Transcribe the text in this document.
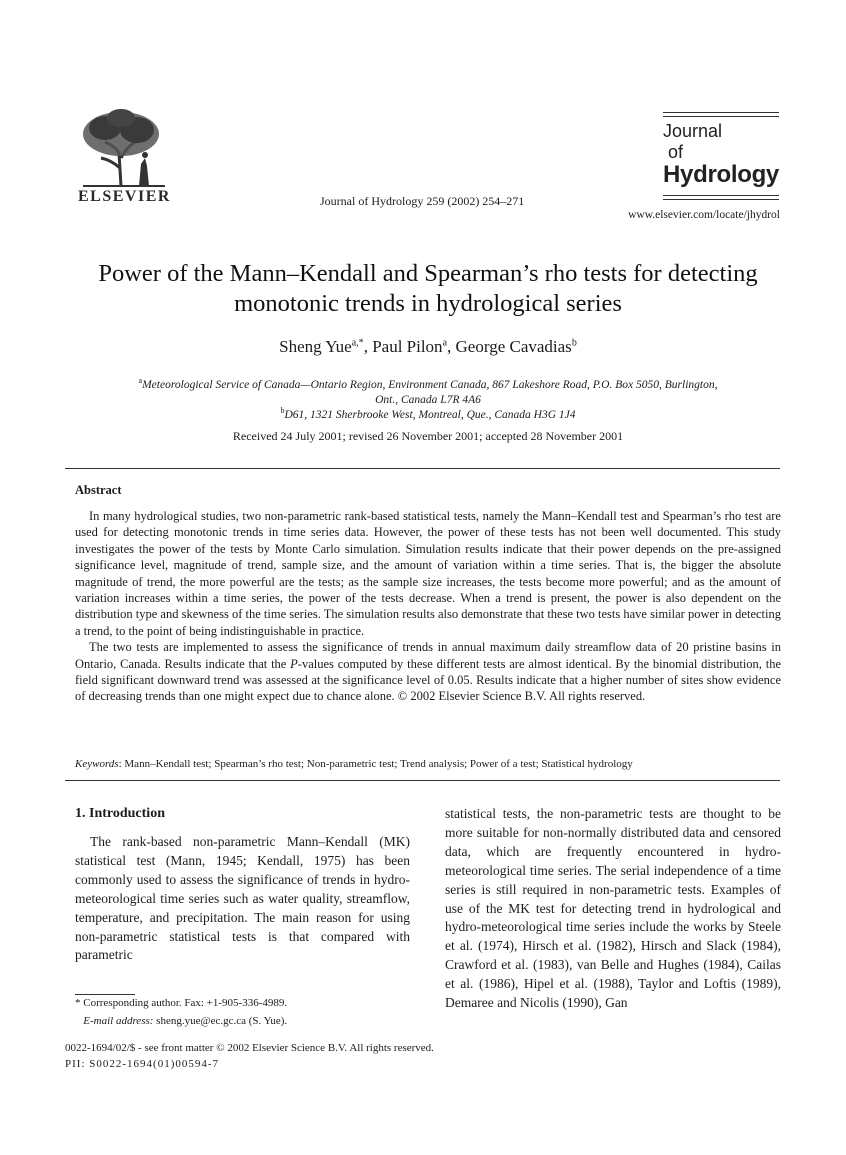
ELSEVIER	Journal of Hydrology 259 (2002) 254–271
Journal
of
Hydrology
www.elsevier.com/locate/jhydrol
Power of the Mann–Kendall and Spearman’s rho tests for detecting
monotonic trends in hydrological series
Sheng Yue$^{a,*}$, Paul Pilon$^a$, George Cavadias$^b$
$^a$Meteorological Service of Canada—Ontario Region, Environment Canada, 867 Lakeshore Road, P.O. Box 5050, Burlington,
Ont., Canada L7R 4A6
$^b$D61, 1321 Sherbrooke West, Montreal, Que., Canada H3G 1J4
Received 24 July 2001; revised 26 November 2001; accepted 28 November 2001
Abstract

In many hydrological studies, two non-parametric rank-based statistical tests, namely the Mann–Kendall test and Spearman’s rho test are used for detecting monotonic trends in time series data. However, the power of these tests has not been well documented. This study investigates the power of the tests by Monte Carlo simulation. Simulation results indicate that their power depends on the pre-assigned significance level, magnitude of trend, sample size, and the amount of variation within a time series. That is, the bigger the absolute magnitude of trend, the more powerful are the tests; as the sample size increases, the tests become more powerful; and as the amount of variation increases within a time series, the power of the tests decrease. When a trend is present, the power is also dependent on the distribution type and skewness of the time series. The simulation results also demonstrate that these two tests have similar power in detecting a trend, to the point of being indistinguishable in practice.

The two tests are implemented to assess the significance of trends in annual maximum daily streamflow data of 20 pristine basins in Ontario, Canada. Results indicate that the P-values computed by these different tests are almost identical. By the binomial distribution, the field significant downward trend was assessed at the significance level of 0.05. Results indicate that a higher number of sites show evidence of decreasing trends than one might expect due to chance alone. © 2002 Elsevier Science B.V. All rights reserved.

Keywords: Mann–Kendall test; Spearman’s rho test; Non-parametric test; Trend analysis; Power of a test; Statistical hydrology
1. Introduction

The rank-based non-parametric Mann–Kendall (MK) statistical test (Mann, 1945; Kendall, 1975) has been commonly used to assess the significance of trends in hydro-meteorological time series such as water quality, streamflow, temperature, and precipitation. The main reason for using non-parametric statistical tests is that compared with parametric

statistical tests, the non-parametric tests are thought to be more suitable for non-normally distributed data and censored data, which are frequently encountered in hydro-meteorological time series. The serial independence of a time series is still required in non-parametric tests. Examples of use of the MK test for detecting trend in hydrological and hydro-meteorological time series include the works by Steele et al. (1974), Hirsch et al. (1982), Hirsch and Slack (1984), Crawford et al. (1983), van Belle and Hughes (1984), Cailas et al. (1986), Hipel et al. (1988), Taylor and Loftis (1989), Demaree and Nicolis (1990), Gan

* Corresponding author. Fax: +1-905-336-4989.
E-mail address: sheng.yue@ec.gc.ca (S. Yue).
0022-1694/02/$ - see front matter © 2002 Elsevier Science B.V. All rights reserved.
PII: S0022-1694(01)00594-7
